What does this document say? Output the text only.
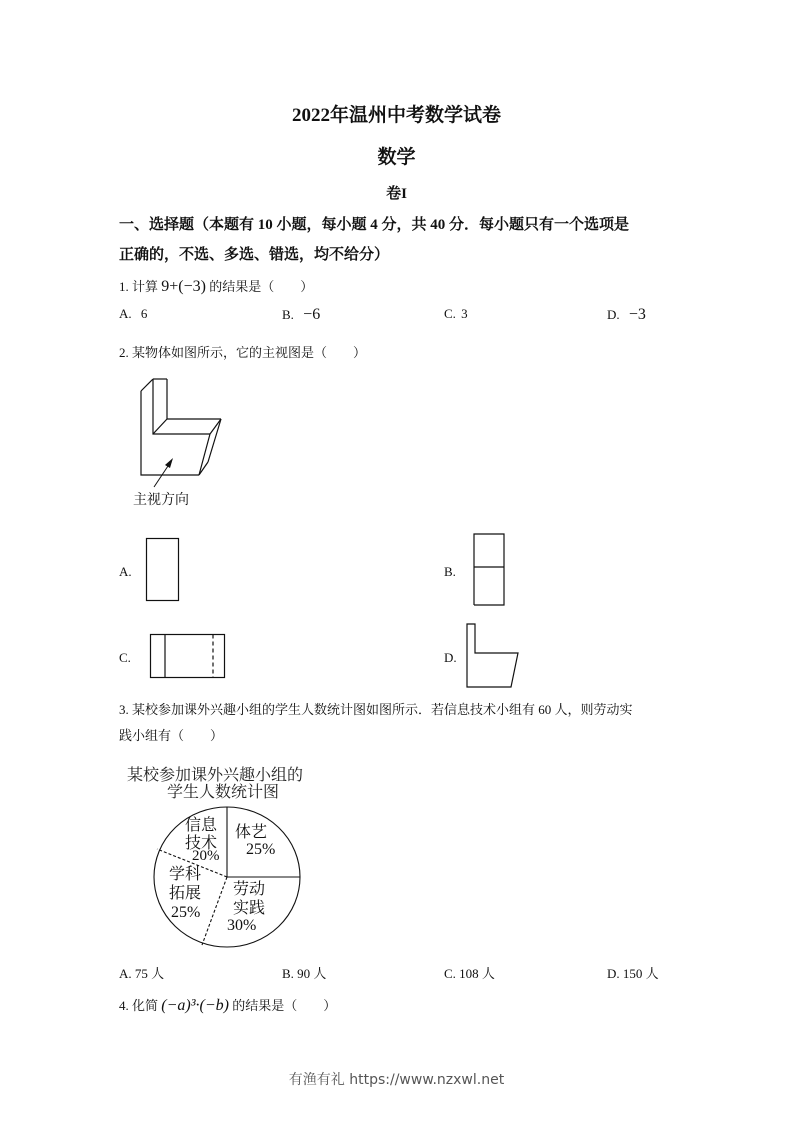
2022年温州中考数学试卷
数学
卷I
一、选择题（本题有 10 小题，每小题 4 分，共 40 分．每小题只有一个选项是
正确的，不选、多选、错选，均不给分）
1. 计算 9+(−3) 的结果是（　　）
A. 6	B. −6	C. 3	D. −3
2. 某物体如图所示，它的主视图是（　　）
主视方向
A.	B.
C.	D.
3. 某校参加课外兴趣小组的学生人数统计图如图所示．若信息技术小组有 60 人，则劳动实
践小组有（　　）
某校参加课外兴趣小组的
学生人数统计图
体艺
25%
劳动
实践
30%
学科
拓展
25%
信息
技术
20%
A. 75 人	B. 90 人	C. 108 人	D. 150 人
4. 化简 (−a)³·(−b) 的结果是（　　）
有渔有礼 https://www.nzxwl.net
